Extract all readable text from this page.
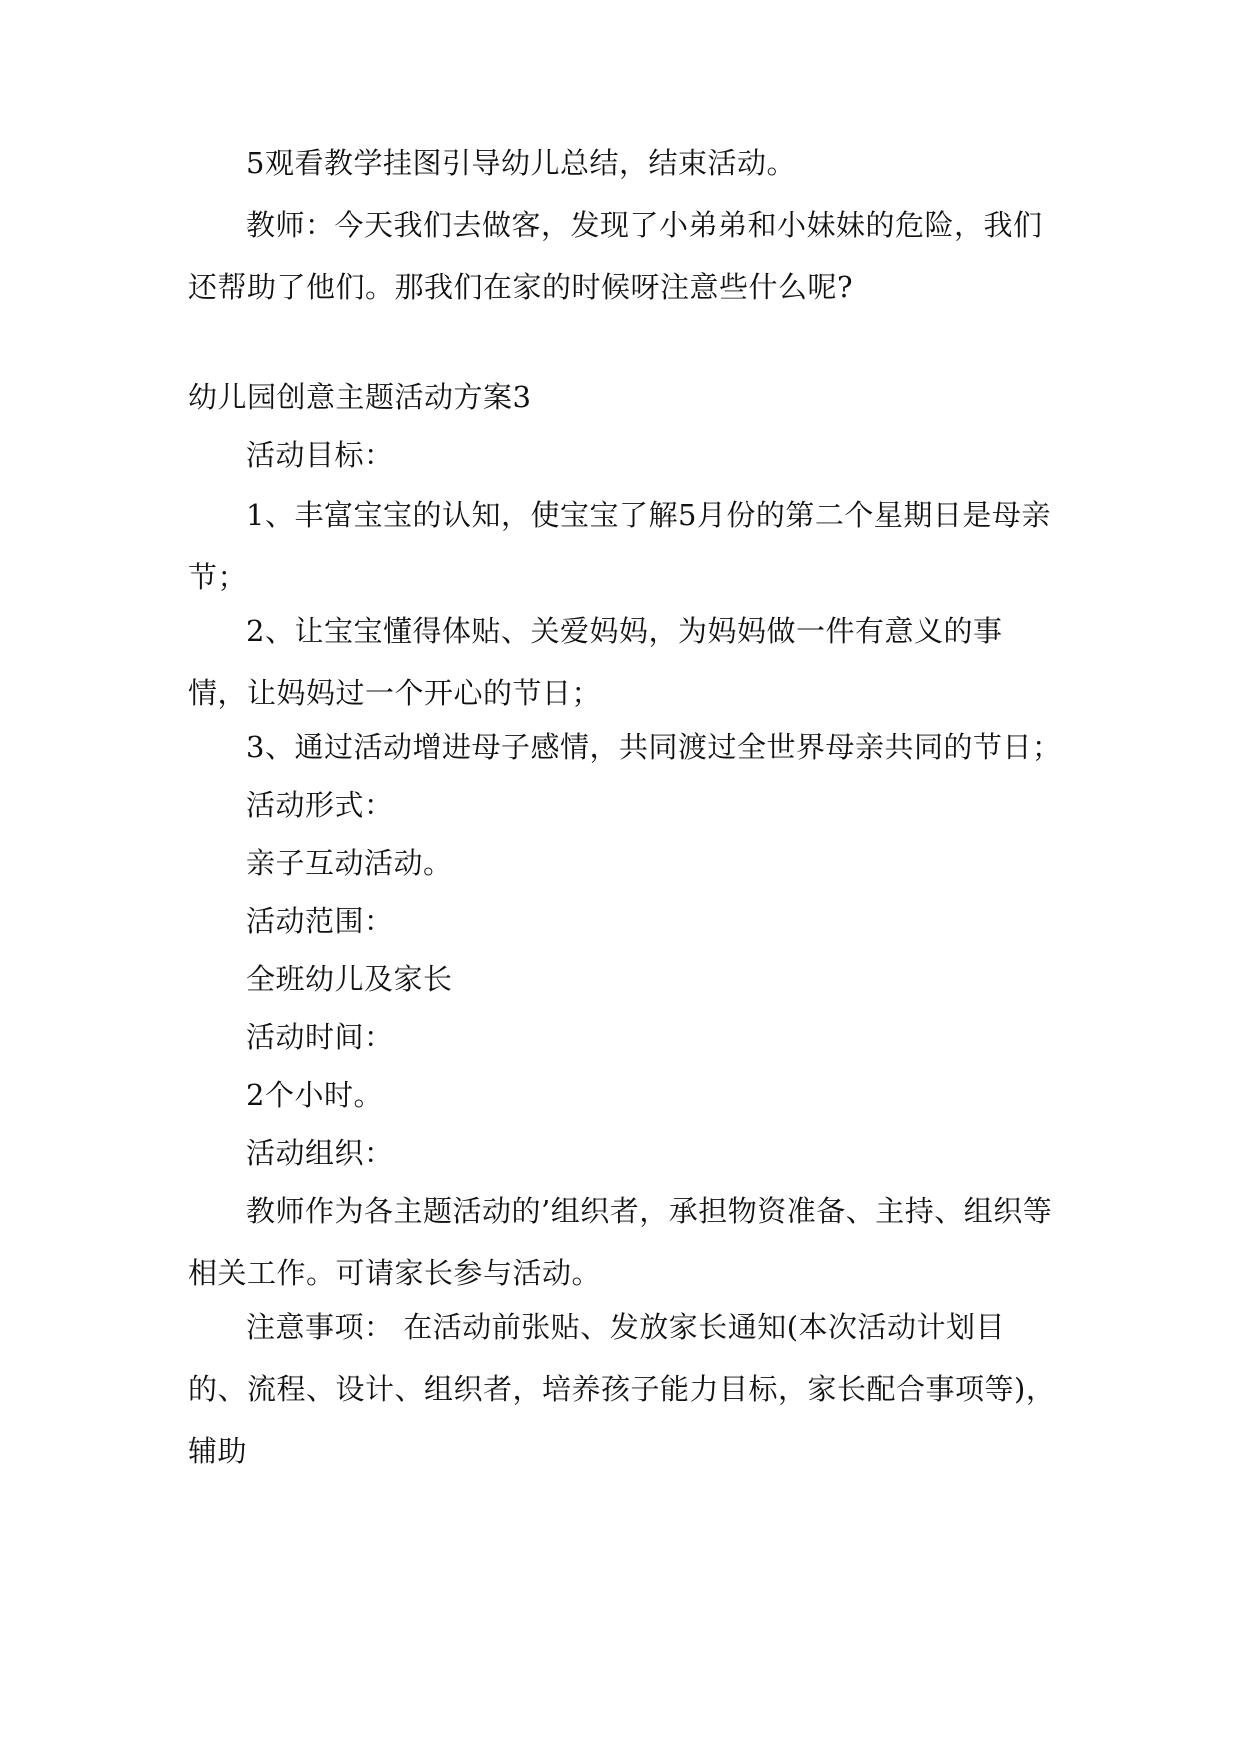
5观看教学挂图引导幼儿总结，结束活动。

教师：今天我们去做客，发现了小弟弟和小妹妹的危险，我们还帮助了他们。那我们在家的时候呀注意些什么呢?

幼儿园创意主题活动方案3

活动目标：

1、丰富宝宝的认知，使宝宝了解5月份的第二个星期日是母亲节；

2、让宝宝懂得体贴、关爱妈妈，为妈妈做一件有意义的事情，让妈妈过一个开心的节日；

3、通过活动增进母子感情，共同渡过全世界母亲共同的节日；

活动形式：

亲子互动活动。

活动范围：

全班幼儿及家长

活动时间：

2个小时。

活动组织：

教师作为各主题活动的’组织者，承担物资准备、主持、组织等相关工作。可请家长参与活动。

注意事项： 在活动前张贴、发放家长通知(本次活动计划目的、流程、设计、组织者，培养孩子能力目标，家长配合事项等)，辅助
